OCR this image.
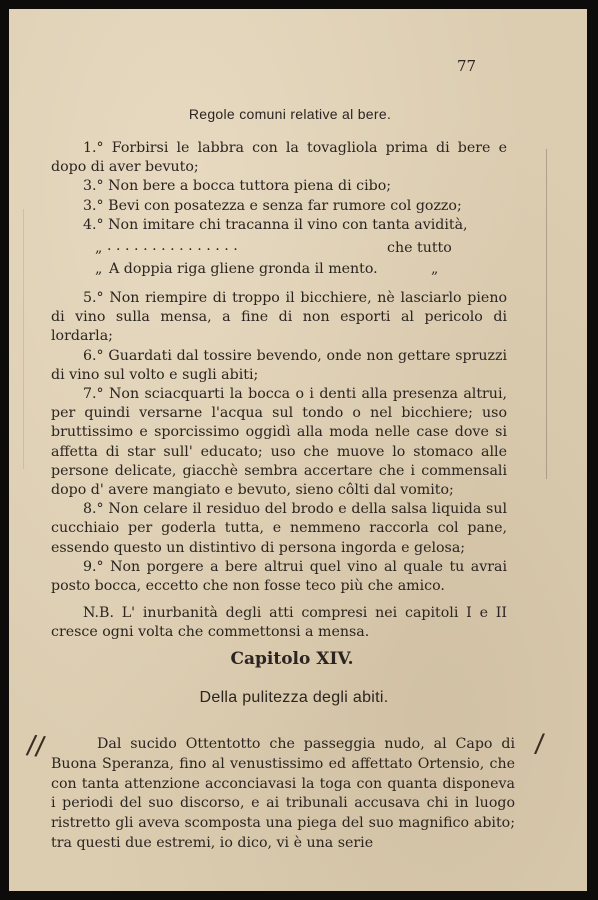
77
Regole comuni relative al bere.

1.° Forbirsi le labbra con la tovagliola prima di bere e dopo di aver bevuto;

3.° Non bere a bocca tuttora piena di cibo;

3.° Bevi con posatezza e senza far rumore col gozzo;

4.° Non imitare chi tracanna il vino con tanta avidità,

„ . . . . . . . . . . . . . . .	che tutto
„ A doppia riga gliene gronda il mento.	„

5.° Non riempire di troppo il bicchiere, nè lasciarlo pieno di vino sulla mensa, a fine di non esporti al pericolo di lordarla;

6.° Guardati dal tossire bevendo, onde non gettare spruzzi di vino sul volto e sugli abiti;

7.° Non sciacquarti la bocca o i denti alla presenza altrui, per quindi versarne l'acqua sul tondo o nel bicchiere; uso bruttissimo e sporcissimo oggidì alla moda nelle case dove si affetta di star sull' educato; uso che muove lo stomaco alle persone delicate, giacchè sembra accertare che i commensali dopo d' avere mangiato e bevuto, sieno côlti dal vomito;

8.° Non celare il residuo del brodo e della salsa liquida sul cucchiaio per goderla tutta, e nemmeno raccorla col pane, essendo questo un distintivo di persona ingorda e gelosa;

9.° Non porgere a bere altrui quel vino al quale tu avrai posto bocca, eccetto che non fosse teco più che amico.

N.B. L' inurbanità degli atti compresi nei capitoli I e II cresce ogni volta che commettonsi a mensa.

Capitolo XIV.
Della pulitezza degli abiti.

Dal sucido Ottentotto che passeggia nudo, al Capo di Buona Speranza, fino al venustissimo ed affettato Ortensio, che con tanta attenzione acconciavasi la toga con quanta disponeva i periodi del suo discorso, e ai tribunali accusava chi in luogo ristretto gli aveva scomposta una piega del suo magnifico abito; tra questi due estremi, io dico, vi è una serie

//	/
